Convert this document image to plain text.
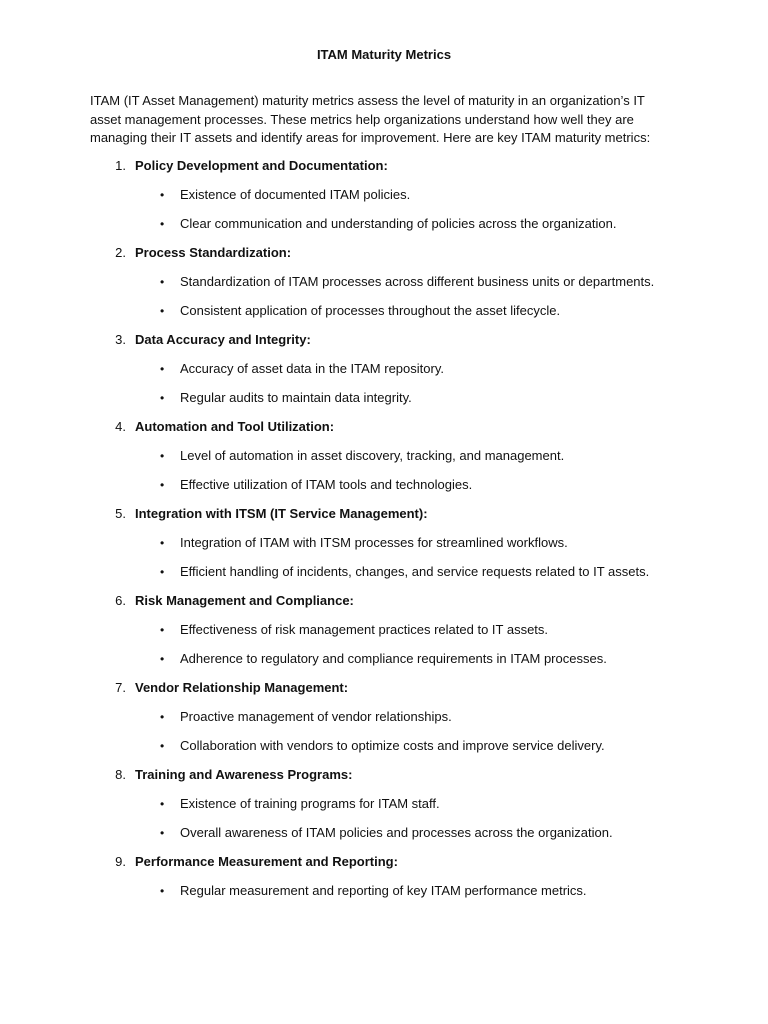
ITAM Maturity Metrics

ITAM (IT Asset Management) maturity metrics assess the level of maturity in an organization’s IT asset management processes. These metrics help organizations understand how well they are managing their IT assets and identify areas for improvement. Here are key ITAM maturity metrics:

1. Policy Development and Documentation:
•	Existence of documented ITAM policies.
•	Clear communication and understanding of policies across the organization.
2. Process Standardization:
•	Standardization of ITAM processes across different business units or departments.
•	Consistent application of processes throughout the asset lifecycle.
3. Data Accuracy and Integrity:
•	Accuracy of asset data in the ITAM repository.
•	Regular audits to maintain data integrity.
4. Automation and Tool Utilization:
•	Level of automation in asset discovery, tracking, and management.
•	Effective utilization of ITAM tools and technologies.
5. Integration with ITSM (IT Service Management):
•	Integration of ITAM with ITSM processes for streamlined workflows.
•	Efficient handling of incidents, changes, and service requests related to IT assets.
6. Risk Management and Compliance:
•	Effectiveness of risk management practices related to IT assets.
•	Adherence to regulatory and compliance requirements in ITAM processes.
7. Vendor Relationship Management:
•	Proactive management of vendor relationships.
•	Collaboration with vendors to optimize costs and improve service delivery.
8. Training and Awareness Programs:
•	Existence of training programs for ITAM staff.
•	Overall awareness of ITAM policies and processes across the organization.
9. Performance Measurement and Reporting:
•	Regular measurement and reporting of key ITAM performance metrics.
